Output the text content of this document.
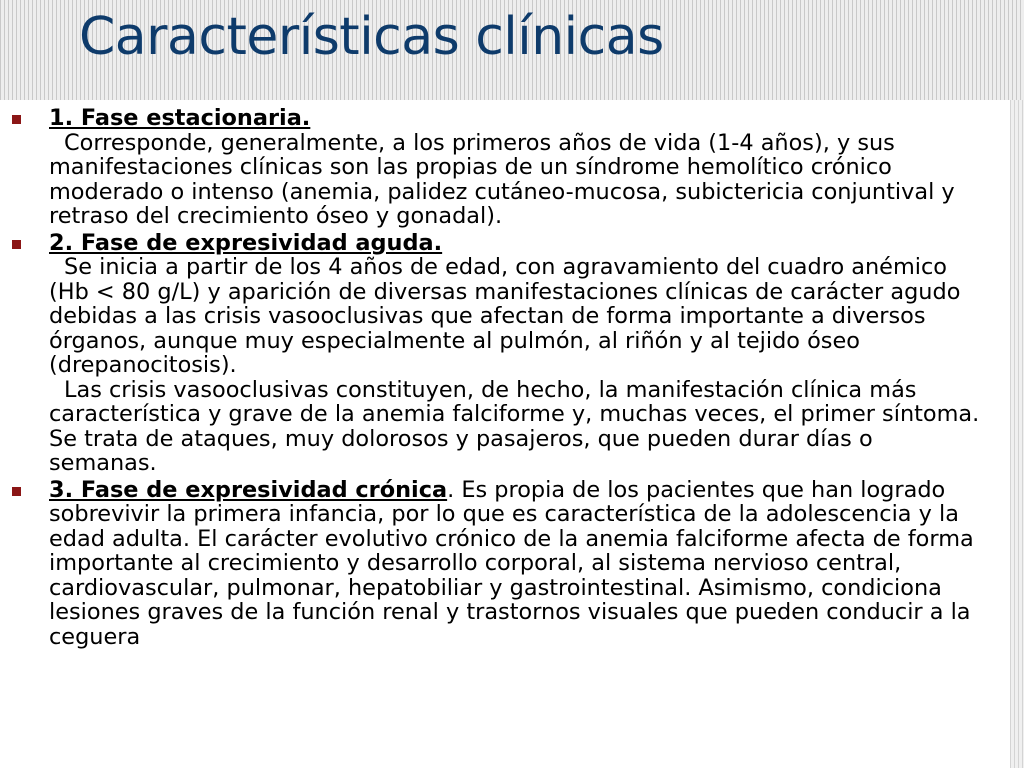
Características clínicas
1. Fase estacionaria.
Corresponde, generalmente, a los primeros años de vida (1-4 años), y sus manifestaciones clínicas son las propias de un síndrome hemolítico crónico moderado o intenso (anemia, palidez cutáneo-mucosa, subictericia conjuntival y retraso del crecimiento óseo y gonadal).
2. Fase de expresividad aguda.
Se inicia a partir de los 4 años de edad, con agravamiento del cuadro anémico (Hb < 80 g/L) y aparición de diversas manifestaciones clínicas de carácter agudo debidas a las crisis vasooclusivas que afectan de forma importante a diversos órganos, aunque muy especialmente al pulmón, al riñón y al tejido óseo (drepanocitosis).
Las crisis vasooclusivas constituyen, de hecho, la manifestación clínica más característica y grave de la anemia falciforme y, muchas veces, el primer síntoma. Se trata de ataques, muy dolorosos y pasajeros, que pueden durar días o semanas.
3. Fase de expresividad crónica. Es propia de los pacientes que han logrado sobrevivir la primera infancia, por lo que es característica de la adolescencia y la edad adulta. El carácter evolutivo crónico de la anemia falciforme afecta de forma importante al crecimiento y desarrollo corporal, al sistema nervioso central, cardiovascular, pulmonar, hepatobiliar y gastrointestinal. Asimismo, condiciona lesiones graves de la función renal y trastornos visuales que pueden conducir a la ceguera
